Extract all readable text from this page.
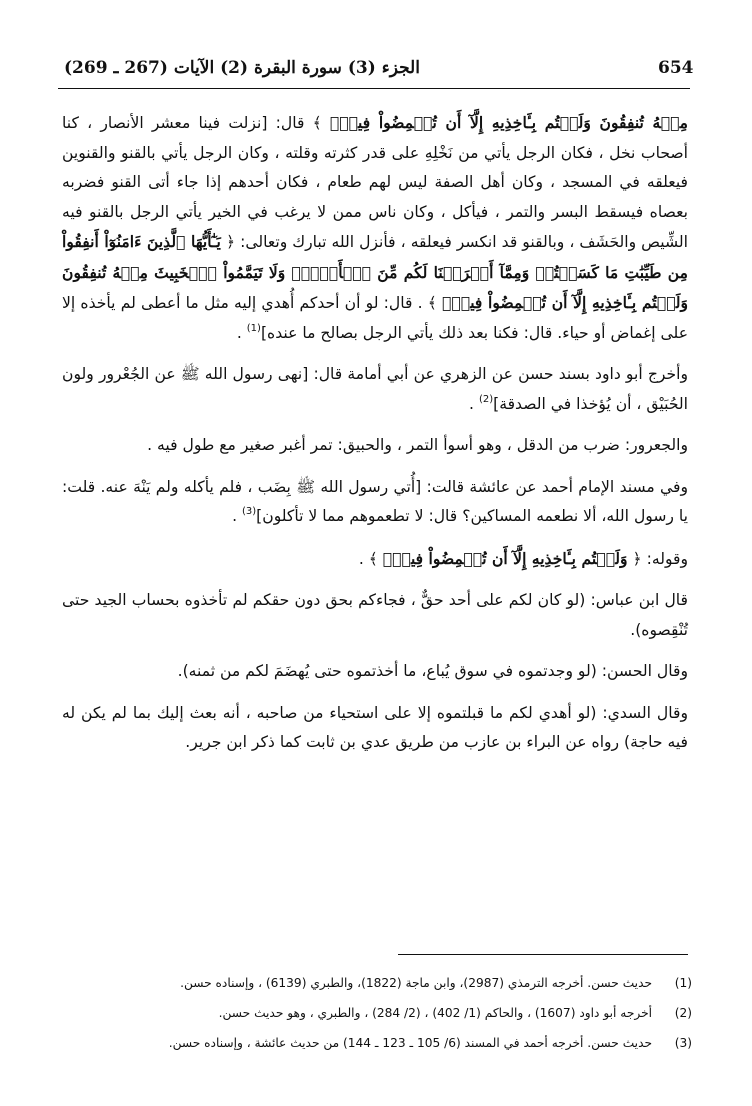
654
الجزء (3) سورة البقرة (2) الآيات (267 ـ 269)

مِنۡهُ تُنفِقُونَ وَلَسۡتُم بِـَٔاخِذِيهِ إِلَّآ أَن تُغۡمِضُواْ فِيهِۚ ﴾ قال: [نزلت فينا معشر الأنصار ، كنا أصحاب نخل ، فكان الرجل يأتي من نَخْلِهِ على قدر كثرته وقلته ، وكان الرجل يأتي بالقنو والقنوين فيعلقه في المسجد ، وكان أهل الصفة ليس لهم طعام ، فكان أحدهم إذا جاء أتى القنو فضربه بعصاه فيسقط البسر والتمر ، فيأكل ، وكان ناس ممن لا يرغب في الخير يأتي الرجل بالقنو فيه الشِّيص والحَشَف ، وبالقنو قد انكسر فيعلقه ، فأنزل الله تبارك وتعالى: ﴿ يَـٰٓأَيُّهَا ٱلَّذِينَ ءَامَنُوٓاْ أَنفِقُواْ مِن طَيِّبَٰتِ مَا كَسَبۡتُمۡ وَمِمَّآ أَخۡرَجۡنَا لَكُم مِّنَ ٱلۡأَرۡضِۖ وَلَا تَيَمَّمُواْ ٱلۡخَبِيثَ مِنۡهُ تُنفِقُونَ وَلَسۡتُم بِـَٔاخِذِيهِ إِلَّآ أَن تُغۡمِضُواْ فِيهِۚ ﴾ . قال: لو أن أحدكم أُهدي إليه مثل ما أعطى لم يأخذه إلا على إغماض أو حياء. قال: فكنا بعد ذلك يأتي الرجل بصالح ما عنده]$^{(1)}$ .

وأخرج أبو داود بسند حسن عن الزهري عن أبي أمامة قال: [نهى رسول الله ﷺ عن الجُعْرور ولون الحُبَيْق ، أن يُؤخذا في الصدقة]$^{(2)}$ .

والجعرور: ضرب من الدقل ، وهو أسوأ التمر ، والحبيق: تمر أغبر صغير مع طول فيه .

وفي مسند الإمام أحمد عن عائشة قالت: [أُتي رسول الله ﷺ بِضَب ، فلم يأكله ولم يَنْهَ عنه. قلت: يا رسول الله، ألا نطعمه المساكين؟ قال: لا تطعموهم مما لا تأكلون]$^{(3)}$ .

وقوله: ﴿ وَلَسۡتُم بِـَٔاخِذِيهِ إِلَّآ أَن تُغۡمِضُواْ فِيهِۚ ﴾ .

قال ابن عباس: (لو كان لكم على أحد حقٌّ ، فجاءكم بحق دون حقكم لم تأخذوه بحساب الجيد حتى تُنْقِصوه).

وقال الحسن: (لو وجدتموه في سوق يُباع، ما أخذتموه حتى يُهضَمَ لكم من ثمنه).

وقال السدي: (لو أهدي لكم ما قبلتموه إلا على استحياء من صاحبه ، أنه بعث إليك بما لم يكن له فيه حاجة) رواه عن البراء بن عازب من طريق عدي بن ثابت كما ذكر ابن جرير.

(1)
حديث حسن. أخرجه الترمذي (2987)، وابن ماجة (1822)، والطبري (6139) ، وإسناده حسن.
(2)
أخرجه أبو داود (1607) ، والحاكم (1/ 402) ، (2/ 284) ، والطبري ، وهو حديث حسن.
(3)
حديث حسن. أخرجه أحمد في المسند (6/ 105 ـ 123 ـ 144) من حديث عائشة ، وإسناده حسن.
